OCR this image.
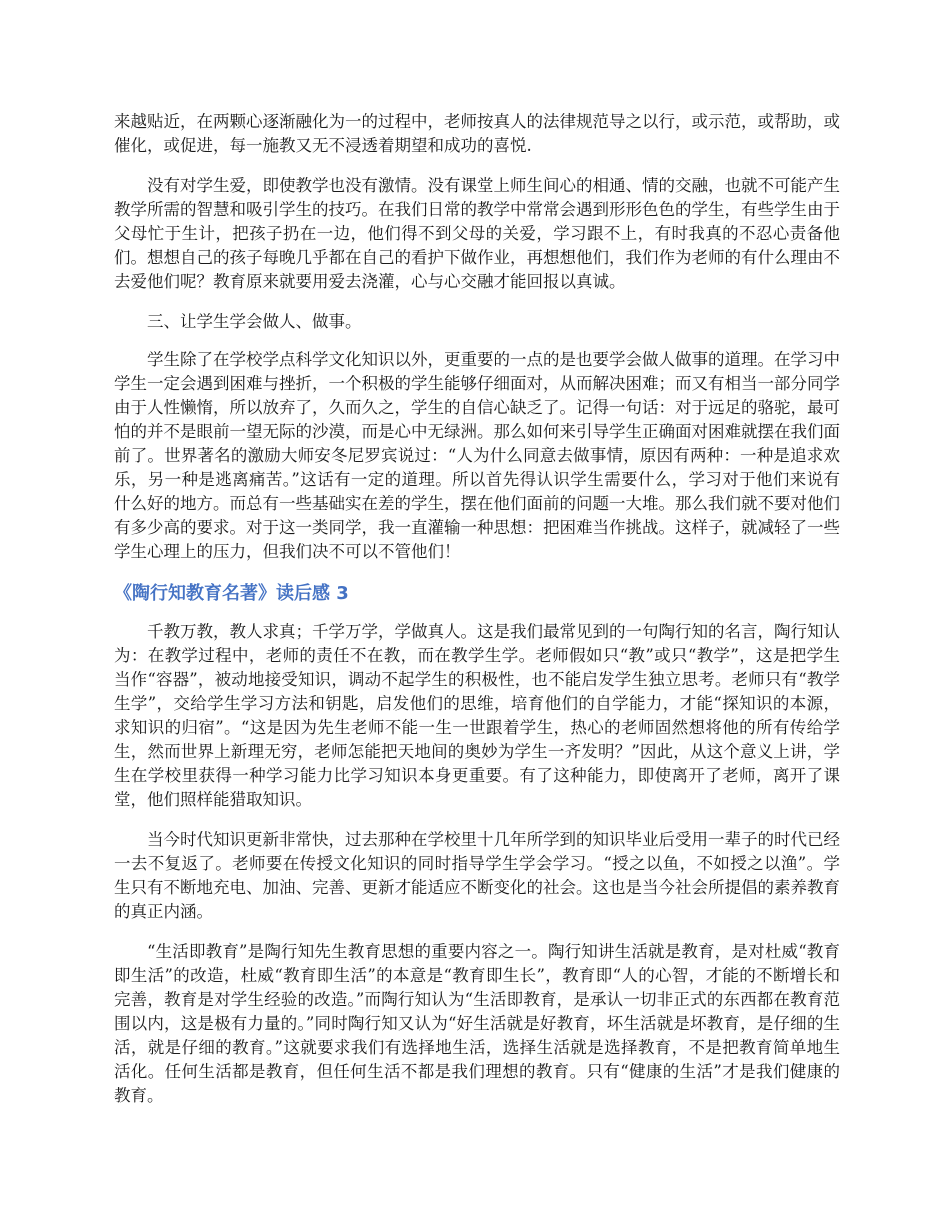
来越贴近，在两颗心逐渐融化为一的过程中，老师按真人的法律规范导之以行，或示范，或帮助，或催化，或促进，每一施教又无不浸透着期望和成功的喜悦.

没有对学生爱，即使教学也没有激情。没有课堂上师生间心的相通、情的交融，也就不可能产生教学所需的智慧和吸引学生的技巧。在我们日常的教学中常常会遇到形形色色的学生，有些学生由于父母忙于生计，把孩子扔在一边，他们得不到父母的关爱，学习跟不上，有时我真的不忍心责备他们。想想自己的孩子每晚几乎都在自己的看护下做作业，再想想他们，我们作为老师的有什么理由不去爱他们呢？教育原来就要用爱去浇灌，心与心交融才能回报以真诚。

三、让学生学会做人、做事。

学生除了在学校学点科学文化知识以外，更重要的一点的是也要学会做人做事的道理。在学习中学生一定会遇到困难与挫折，一个积极的学生能够仔细面对，从而解决困难；而又有相当一部分同学由于人性懒惰，所以放弃了，久而久之，学生的自信心缺乏了。记得一句话：对于远足的骆驼，最可怕的并不是眼前一望无际的沙漠，而是心中无绿洲。那么如何来引导学生正确面对困难就摆在我们面前了。世界著名的激励大师安冬尼罗宾说过：“人为什么同意去做事情，原因有两种：一种是追求欢乐，另一种是逃离痛苦。”这话有一定的道理。所以首先得认识学生需要什么，学习对于他们来说有什么好的地方。而总有一些基础实在差的学生，摆在他们面前的问题一大堆。那么我们就不要对他们有多少高的要求。对于这一类同学，我一直灌输一种思想：把困难当作挑战。这样子，就减轻了一些学生心理上的压力，但我们决不可以不管他们！

《陶行知教育名著》读后感 3

千教万教，教人求真；千学万学，学做真人。这是我们最常见到的一句陶行知的名言，陶行知认为：在教学过程中，老师的责任不在教，而在教学生学。老师假如只“教”或只“教学”，这是把学生当作“容器”，被动地接受知识，调动不起学生的积极性，也不能启发学生独立思考。老师只有“教学生学”，交给学生学习方法和钥匙，启发他们的思维，培育他们的自学能力，才能“探知识的本源，求知识的归宿”。“这是因为先生老师不能一生一世跟着学生，热心的老师固然想将他的所有传给学生，然而世界上新理无穷，老师怎能把天地间的奥妙为学生一齐发明？”因此，从这个意义上讲，学生在学校里获得一种学习能力比学习知识本身更重要。有了这种能力，即使离开了老师，离开了课堂，他们照样能猎取知识。

当今时代知识更新非常快，过去那种在学校里十几年所学到的知识毕业后受用一辈子的时代已经一去不复返了。老师要在传授文化知识的同时指导学生学会学习。“授之以鱼，不如授之以渔”。学生只有不断地充电、加油、完善、更新才能适应不断变化的社会。这也是当今社会所提倡的素养教育的真正内涵。

“生活即教育”是陶行知先生教育思想的重要内容之一。陶行知讲生活就是教育，是对杜威“教育即生活”的改造，杜威“教育即生活”的本意是“教育即生长”，教育即“人的心智，才能的不断增长和完善，教育是对学生经验的改造。”而陶行知认为“生活即教育，是承认一切非正式的东西都在教育范围以内，这是极有力量的。”同时陶行知又认为“好生活就是好教育，坏生活就是坏教育，是仔细的生活，就是仔细的教育。”这就要求我们有选择地生活，选择生活就是选择教育，不是把教育简单地生活化。任何生活都是教育，但任何生活不都是我们理想的教育。只有“健康的生活”才是我们健康的教育。
